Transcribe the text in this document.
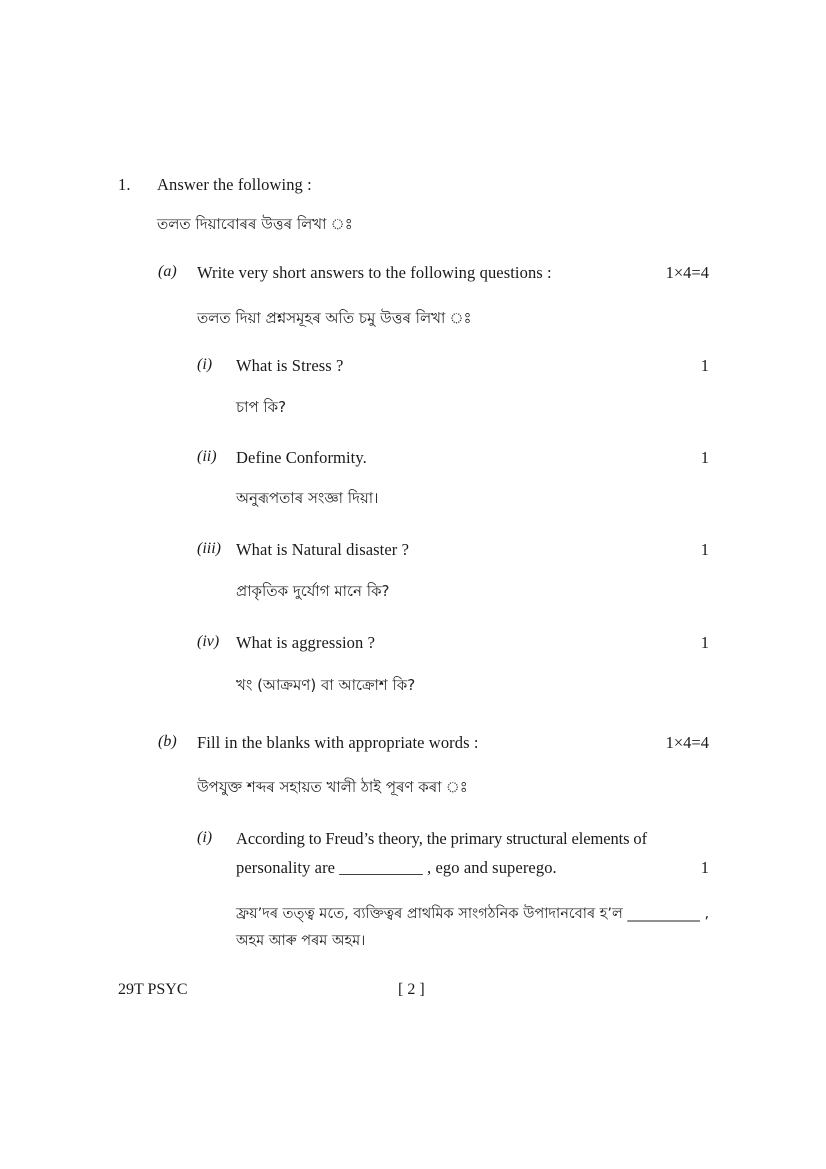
1. Answer the following :
তলত দিয়াবোৰৰ উত্তৰ লিখা ঃ
(a) Write very short answers to the following questions :	1×4=4
তলত দিয়া প্ৰশ্নসমূহৰ অতি চমু উত্তৰ লিখা ঃ
(i) What is Stress ?	1
চাপ কি?
(ii) Define Conformity.	1
অনুৰূপতাৰ সংজ্ঞা দিয়া।
(iii) What is Natural disaster ?	1
প্ৰাকৃতিক দুৰ্যোগ মানে কি?
(iv) What is aggression ?	1
খং (আক্ৰমণ) বা আক্ৰোশ কি?
(b) Fill in the blanks with appropriate words :	1×4=4
উপযুক্ত শব্দৰ সহায়ত খালী ঠাই পূৰণ কৰা ঃ
(i) According to Freud’s theory, the primary structural elements of
personality are __________ , ego and superego.	1
ফ্ৰয়’দৰ তত্ত্ব মতে, ব্যক্তিত্বৰ প্ৰাথমিক সাংগঠনিক উপাদানবোৰ হ’ল __________ ,
অহম আৰু পৰম অহম।
29T PSYC	[ 2 ]
